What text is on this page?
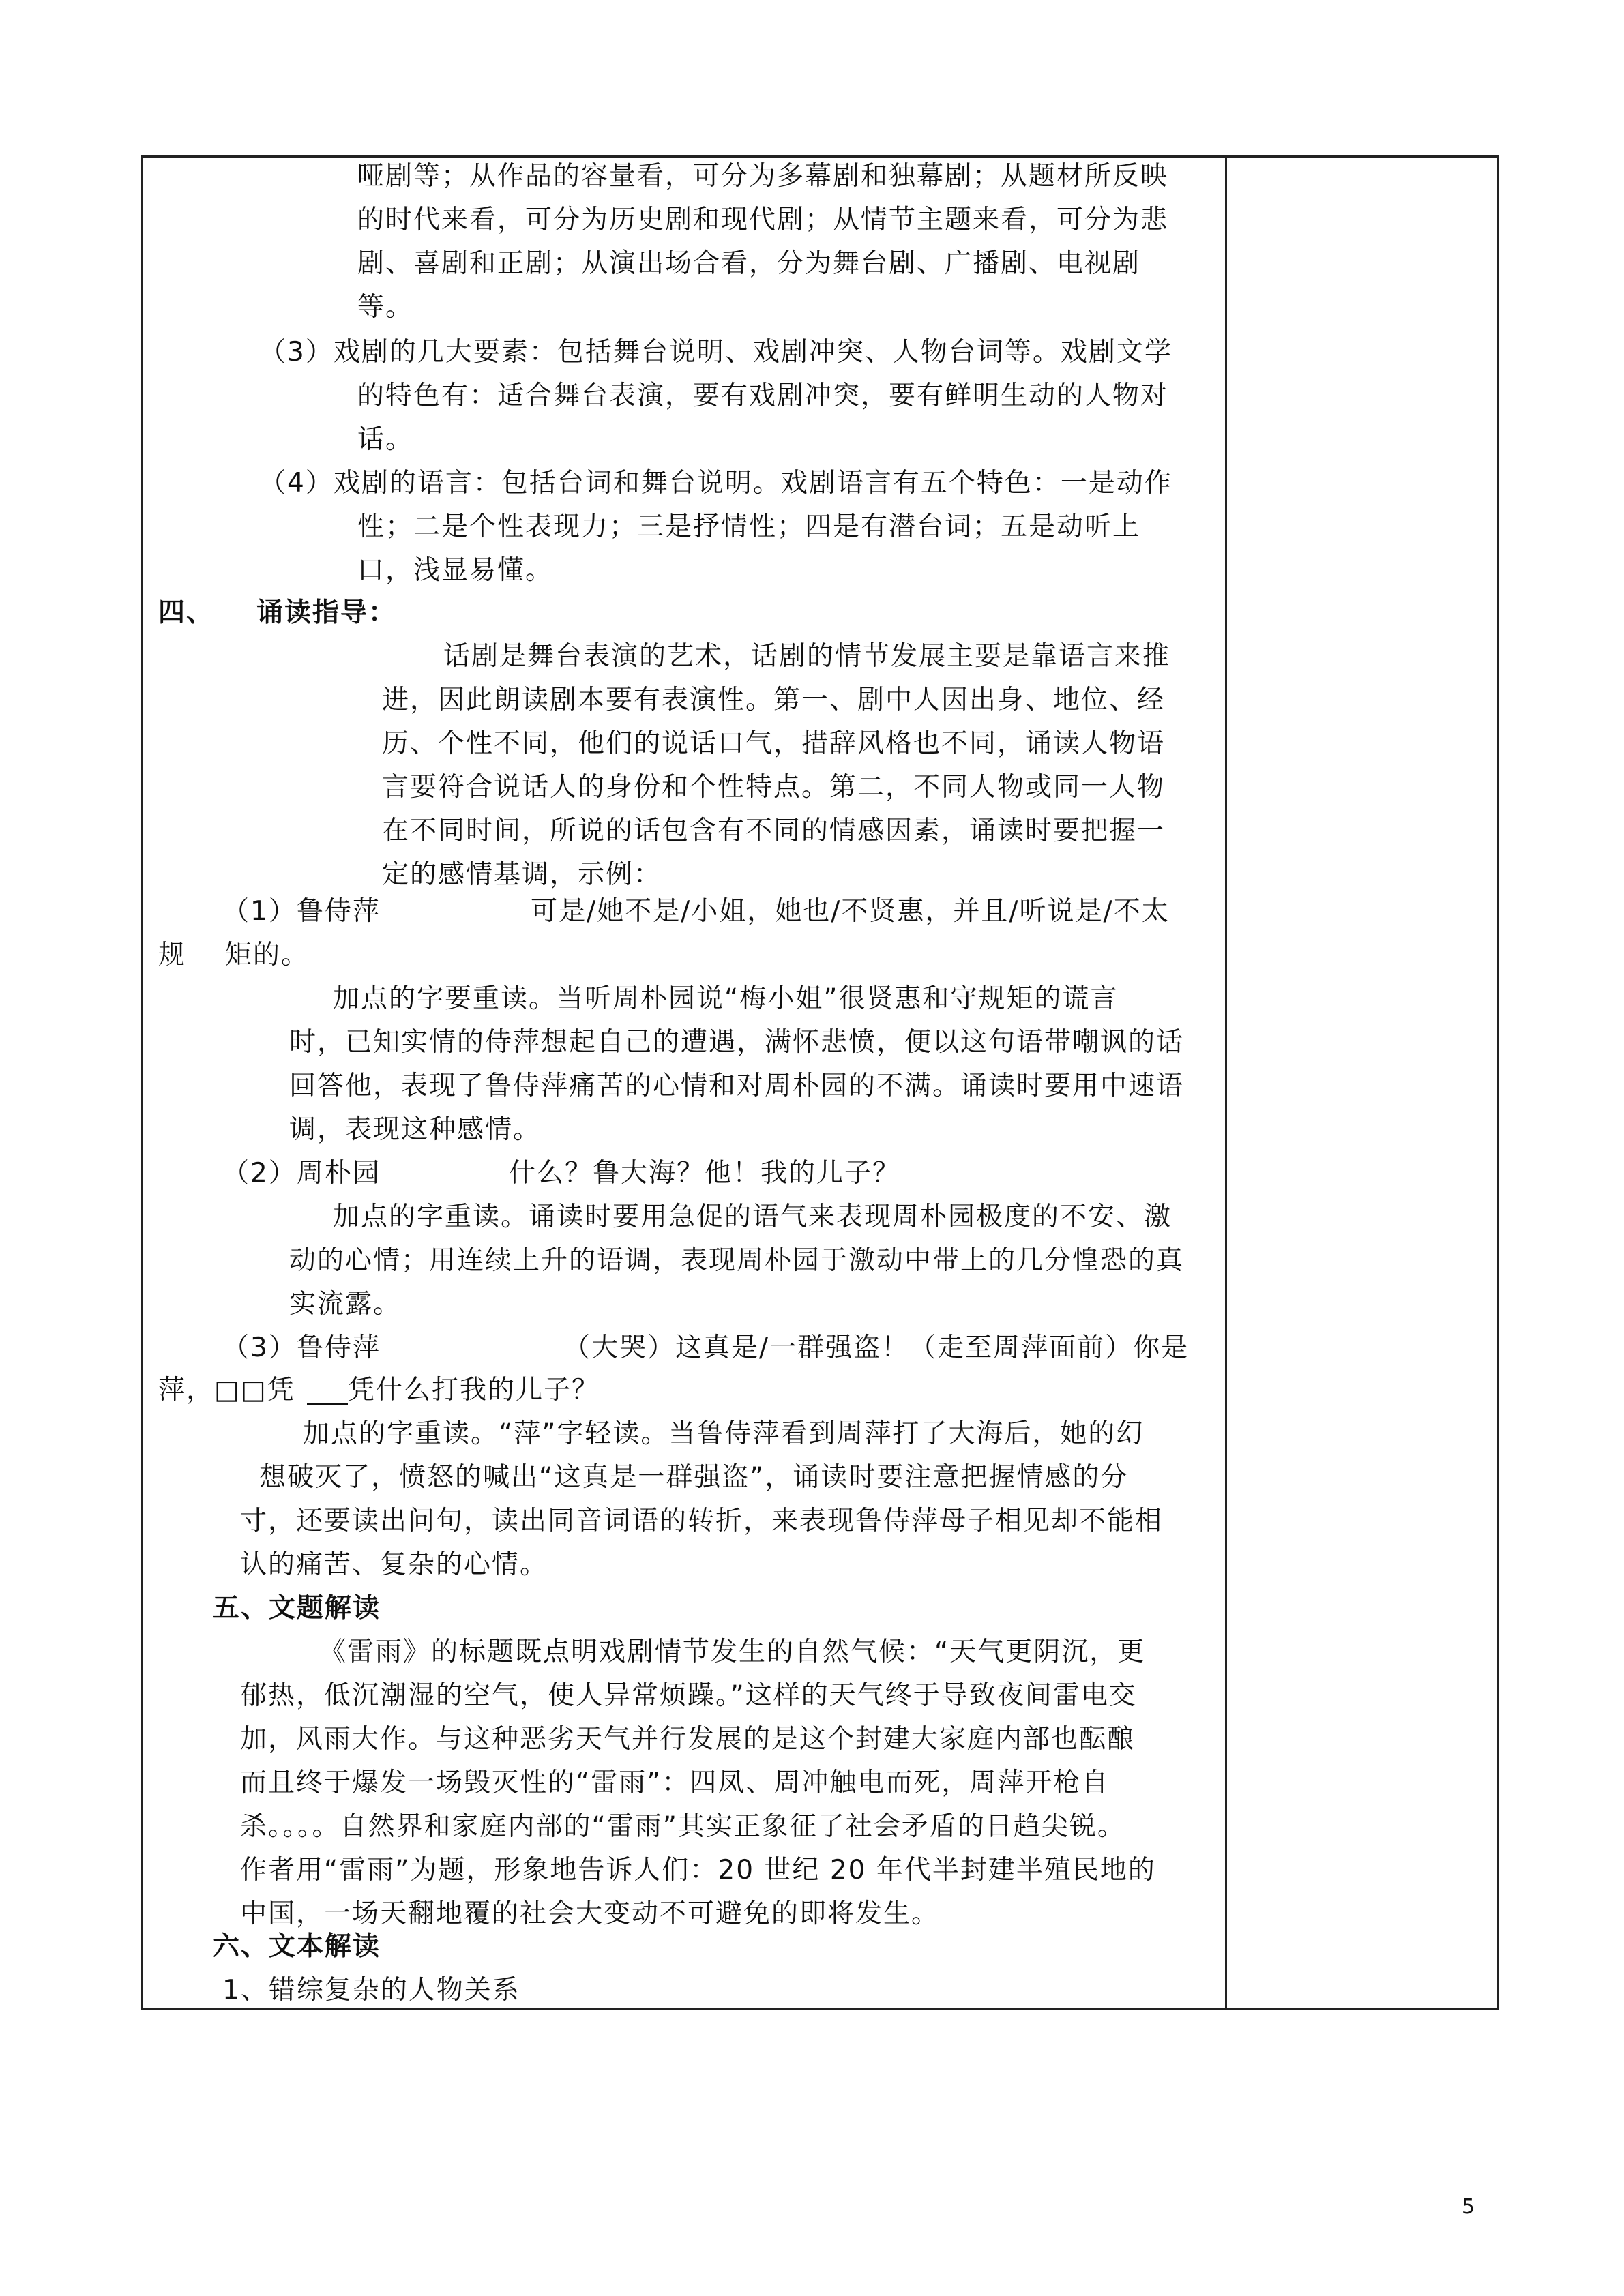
哑剧等；从作品的容量看，可分为多幕剧和独幕剧；从题材所反映
的时代来看，可分为历史剧和现代剧；从情节主题来看，可分为悲
剧、喜剧和正剧；从演出场合看，分为舞台剧、广播剧、电视剧
等。
（3）戏剧的几大要素：包括舞台说明、戏剧冲突、人物台词等。戏剧文学
的特色有：适合舞台表演，要有戏剧冲突，要有鲜明生动的人物对
话。
（4）戏剧的语言：包括台词和舞台说明。戏剧语言有五个特色：一是动作
性；二是个性表现力；三是抒情性；四是有潜台词；五是动听上
口，浅显易懂。
四、 诵读指导：
话剧是舞台表演的艺术，话剧的情节发展主要是靠语言来推
进，因此朗读剧本要有表演性。第一、剧中人因出身、地位、经
历、个性不同，他们的说话口气，措辞风格也不同，诵读人物语
言要符合说话人的身份和个性特点。第二，不同人物或同一人物
在不同时间，所说的话包含有不同的情感因素，诵读时要把握一
定的感情基调，示例：
（1）鲁侍萍	可是/她不是/小姐，她也/不贤惠，并且/听说是/不太
规 矩的。
加点的字要重读。当听周朴园说“梅小姐”很贤惠和守规矩的谎言
时，已知实情的侍萍想起自己的遭遇，满怀悲愤，便以这句语带嘲讽的话
回答他，表现了鲁侍萍痛苦的心情和对周朴园的不满。诵读时要用中速语
调，表现这种感情。
（2）周朴园	什么？鲁大海？他！我的儿子？
加点的字重读。诵读时要用急促的语气来表现周朴园极度的不安、激
动的心情；用连续上升的语调，表现周朴园于激动中带上的几分惶恐的真
实流露。
（3）鲁侍萍	（大哭）这真是/一群强盗！（走至周萍面前）你是
萍，□□凭 凭什么打我的儿子？
加点的字重读。“萍”字轻读。当鲁侍萍看到周萍打了大海后，她的幻
想破灭了，愤怒的喊出“这真是一群强盗”，诵读时要注意把握情感的分
寸，还要读出问句，读出同音词语的转折，来表现鲁侍萍母子相见却不能相
认的痛苦、复杂的心情。
五、文题解读
《雷雨》的标题既点明戏剧情节发生的自然气候：“天气更阴沉，更
郁热，低沉潮湿的空气，使人异常烦躁。”这样的天气终于导致夜间雷电交
加，风雨大作。与这种恶劣天气并行发展的是这个封建大家庭内部也酝酿
而且终于爆发一场毁灭性的“雷雨”：四凤、周冲触电而死，周萍开枪自
杀。。。。自然界和家庭内部的“雷雨”其实正象征了社会矛盾的日趋尖锐。
作者用“雷雨”为题，形象地告诉人们：20 世纪 20 年代半封建半殖民地的
中国，一场天翻地覆的社会大变动不可避免的即将发生。
六、文本解读
1、错综复杂的人物关系
5
